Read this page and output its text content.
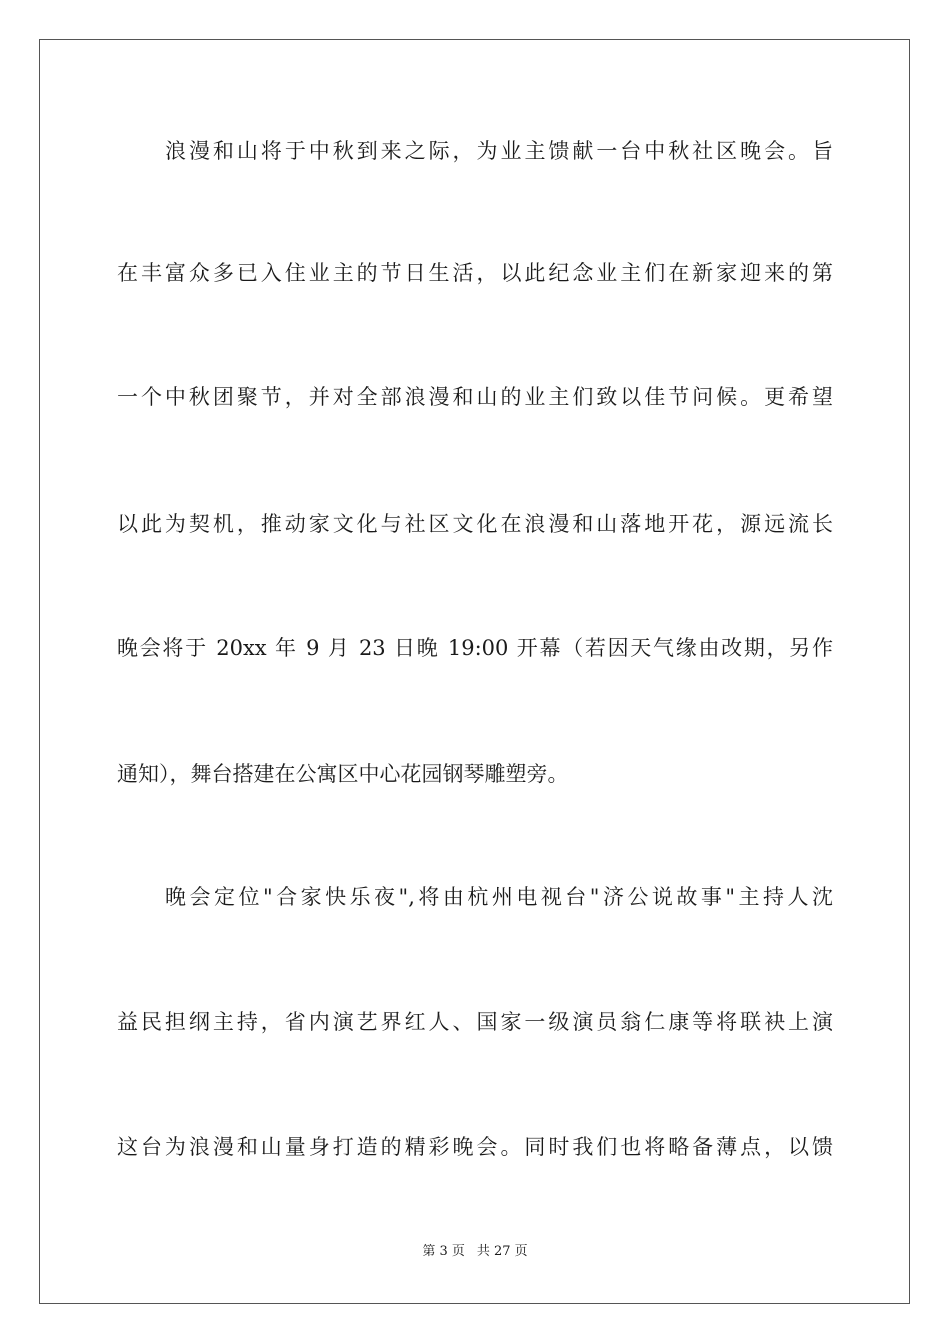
浪漫和山将于中秋到来之际，为业主馈献一台中秋社区晚会。旨
在丰富众多已入住业主的节日生活，以此纪念业主们在新家迎来的第
一个中秋团聚节，并对全部浪漫和山的业主们致以佳节问候。更希望
以此为契机，推动家文化与社区文化在浪漫和山落地开花，源远流长
晚会将于 20xx 年 9 月 23 日晚 19:00 开幕（若因天气缘由改期，另作
通知），舞台搭建在公寓区中心花园钢琴雕塑旁。
晚会定位"合家快乐夜",将由杭州电视台"济公说故事"主持人沈
益民担纲主持，省内演艺界红人、国家一级演员翁仁康等将联袂上演
这台为浪漫和山量身打造的精彩晚会。同时我们也将略备薄点，以馈
第 3 页 共 27 页
